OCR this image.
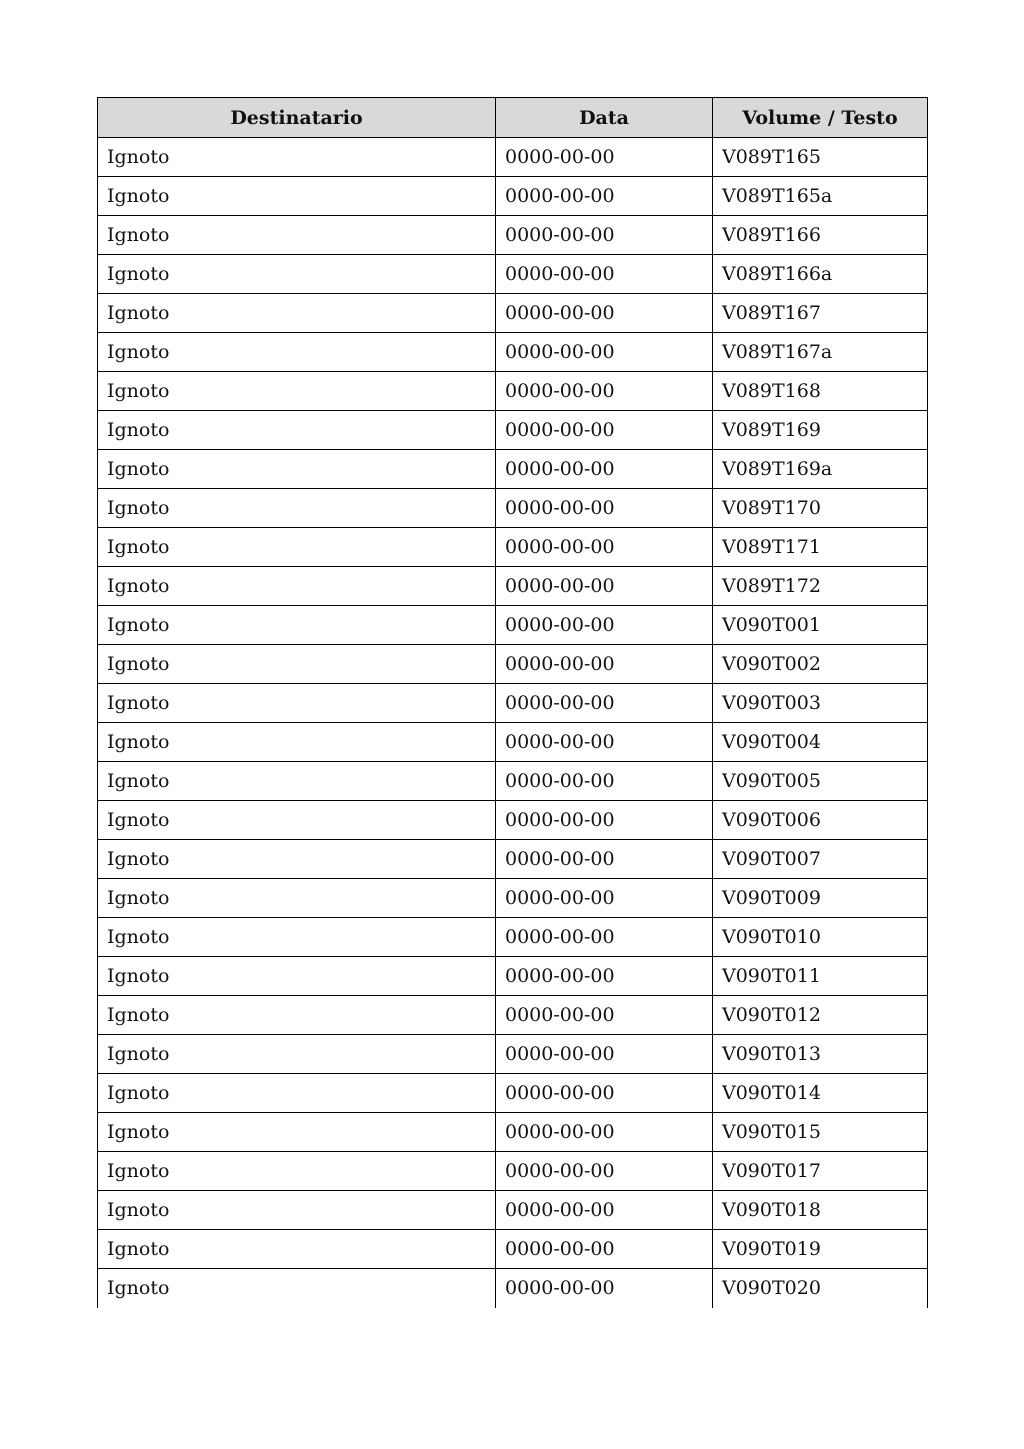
Destinatario	Data	Volume / Testo
Ignoto	0000-00-00	V089T165
Ignoto	0000-00-00	V089T165a
Ignoto	0000-00-00	V089T166
Ignoto	0000-00-00	V089T166a
Ignoto	0000-00-00	V089T167
Ignoto	0000-00-00	V089T167a
Ignoto	0000-00-00	V089T168
Ignoto	0000-00-00	V089T169
Ignoto	0000-00-00	V089T169a
Ignoto	0000-00-00	V089T170
Ignoto	0000-00-00	V089T171
Ignoto	0000-00-00	V089T172
Ignoto	0000-00-00	V090T001
Ignoto	0000-00-00	V090T002
Ignoto	0000-00-00	V090T003
Ignoto	0000-00-00	V090T004
Ignoto	0000-00-00	V090T005
Ignoto	0000-00-00	V090T006
Ignoto	0000-00-00	V090T007
Ignoto	0000-00-00	V090T009
Ignoto	0000-00-00	V090T010
Ignoto	0000-00-00	V090T011
Ignoto	0000-00-00	V090T012
Ignoto	0000-00-00	V090T013
Ignoto	0000-00-00	V090T014
Ignoto	0000-00-00	V090T015
Ignoto	0000-00-00	V090T017
Ignoto	0000-00-00	V090T018
Ignoto	0000-00-00	V090T019
Ignoto	0000-00-00	V090T020
